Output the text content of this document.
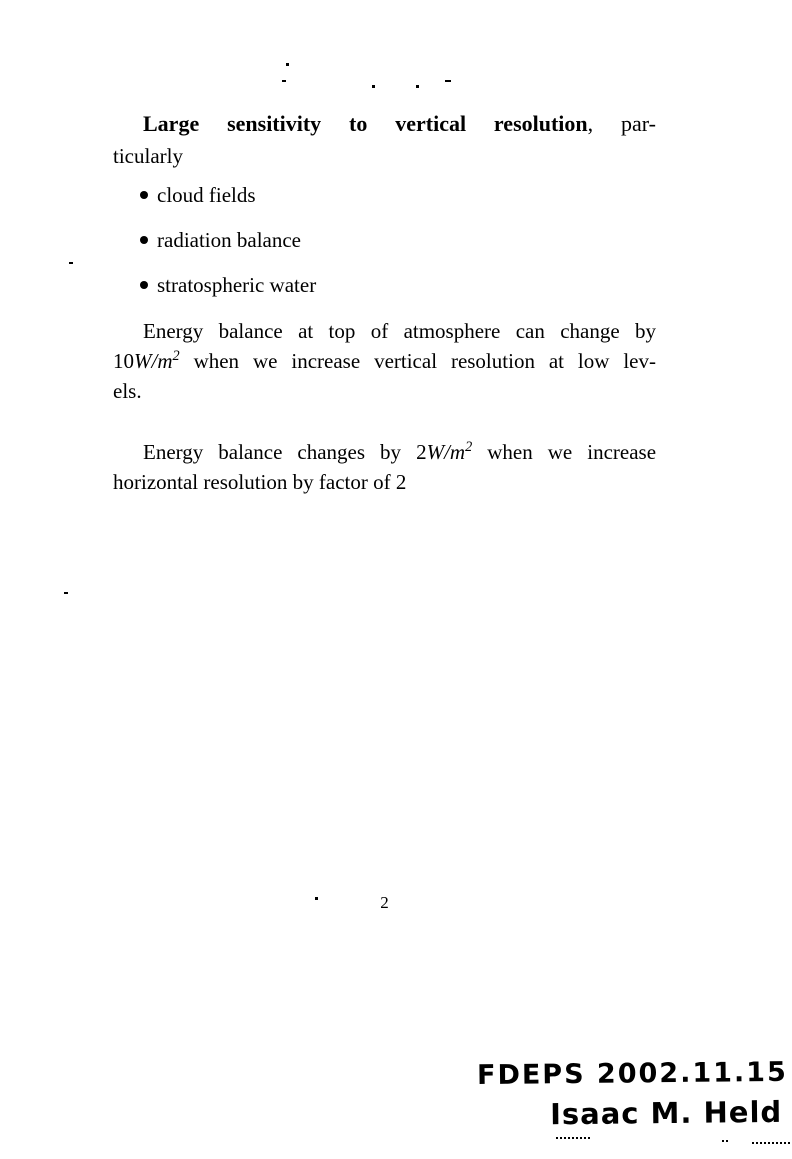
Large sensitivity to vertical resolution, par-
ticularly
cloud fields
radiation balance
stratospheric water
Energy balance at top of atmosphere can change by
$10W/m^2$ when we increase vertical resolution at low lev-
els.
Energy balance changes by $2W/m^2$ when we increase
horizontal resolution by factor of 2
2
FDEPS 2002.11.15
Isaac M. Held
